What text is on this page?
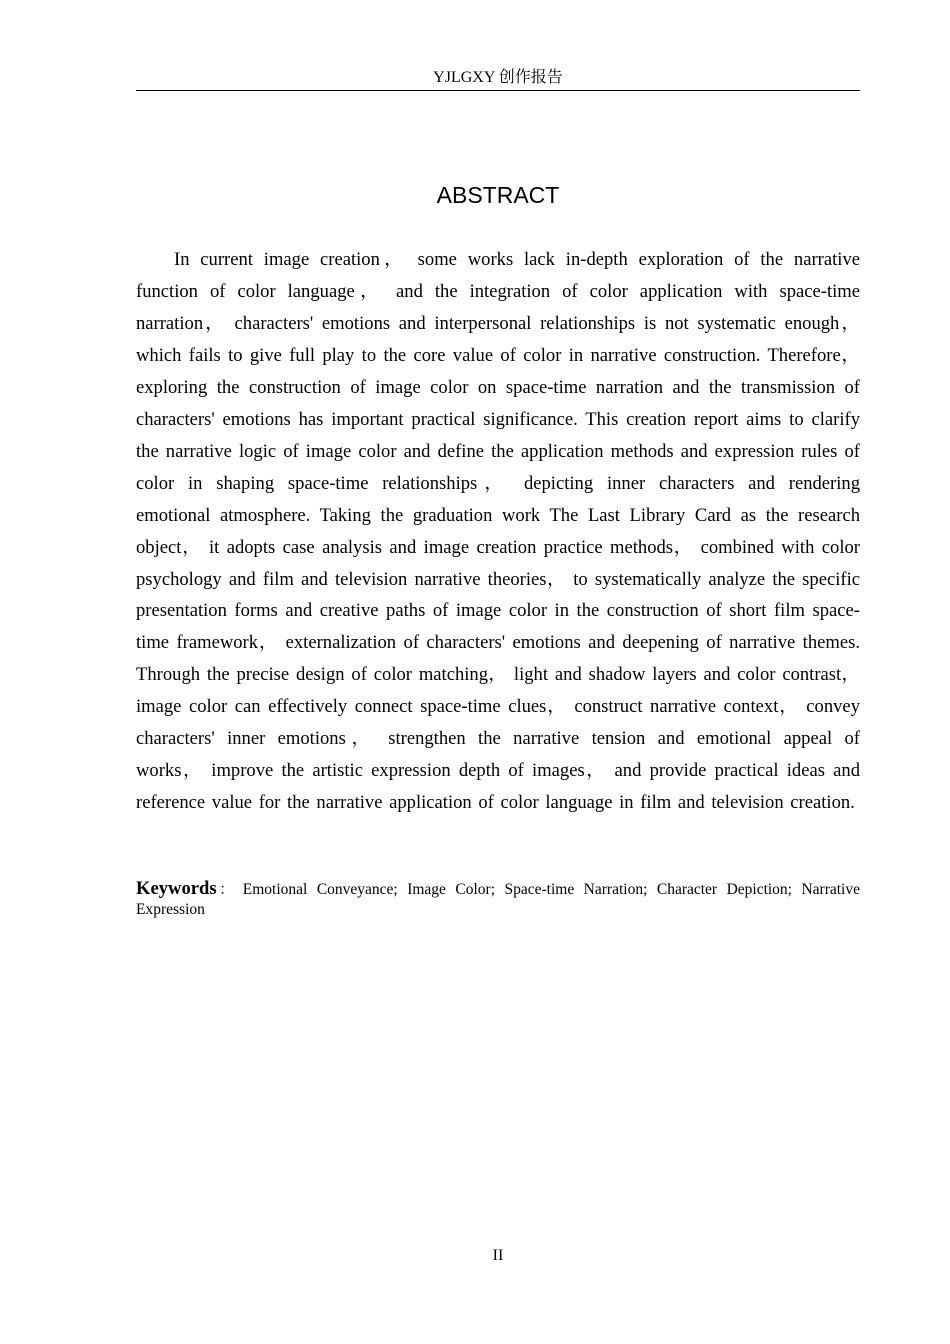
YJLGXY 创作报告
ABSTRACT

In current image creation， some works lack in-depth exploration of the narrative function of color language， and the integration of color application with space-time narration， characters' emotions and interpersonal relationships is not systematic enough， which fails to give full play to the core value of color in narrative construction. Therefore， exploring the construction of image color on space-time narration and the transmission of characters' emotions has important practical significance. This creation report aims to clarify the narrative logic of image color and define the application methods and expression rules of color in shaping space-time relationships， depicting inner characters and rendering emotional atmosphere. Taking the graduation work The Last Library Card as the research object， it adopts case analysis and image creation practice methods， combined with color psychology and film and television narrative theories， to systematically analyze the specific presentation forms and creative paths of image color in the construction of short film space-time framework， externalization of characters' emotions and deepening of narrative themes. Through the precise design of color matching， light and shadow layers and color contrast， image color can effectively connect space-time clues， construct narrative context， convey characters' inner emotions， strengthen the narrative tension and emotional appeal of works， improve the artistic expression depth of images， and provide practical ideas and reference value for the narrative application of color language in film and television creation.

Keywords： Emotional Conveyance; Image Color; Space-time Narration; Character Depiction; Narrative Expression

II
